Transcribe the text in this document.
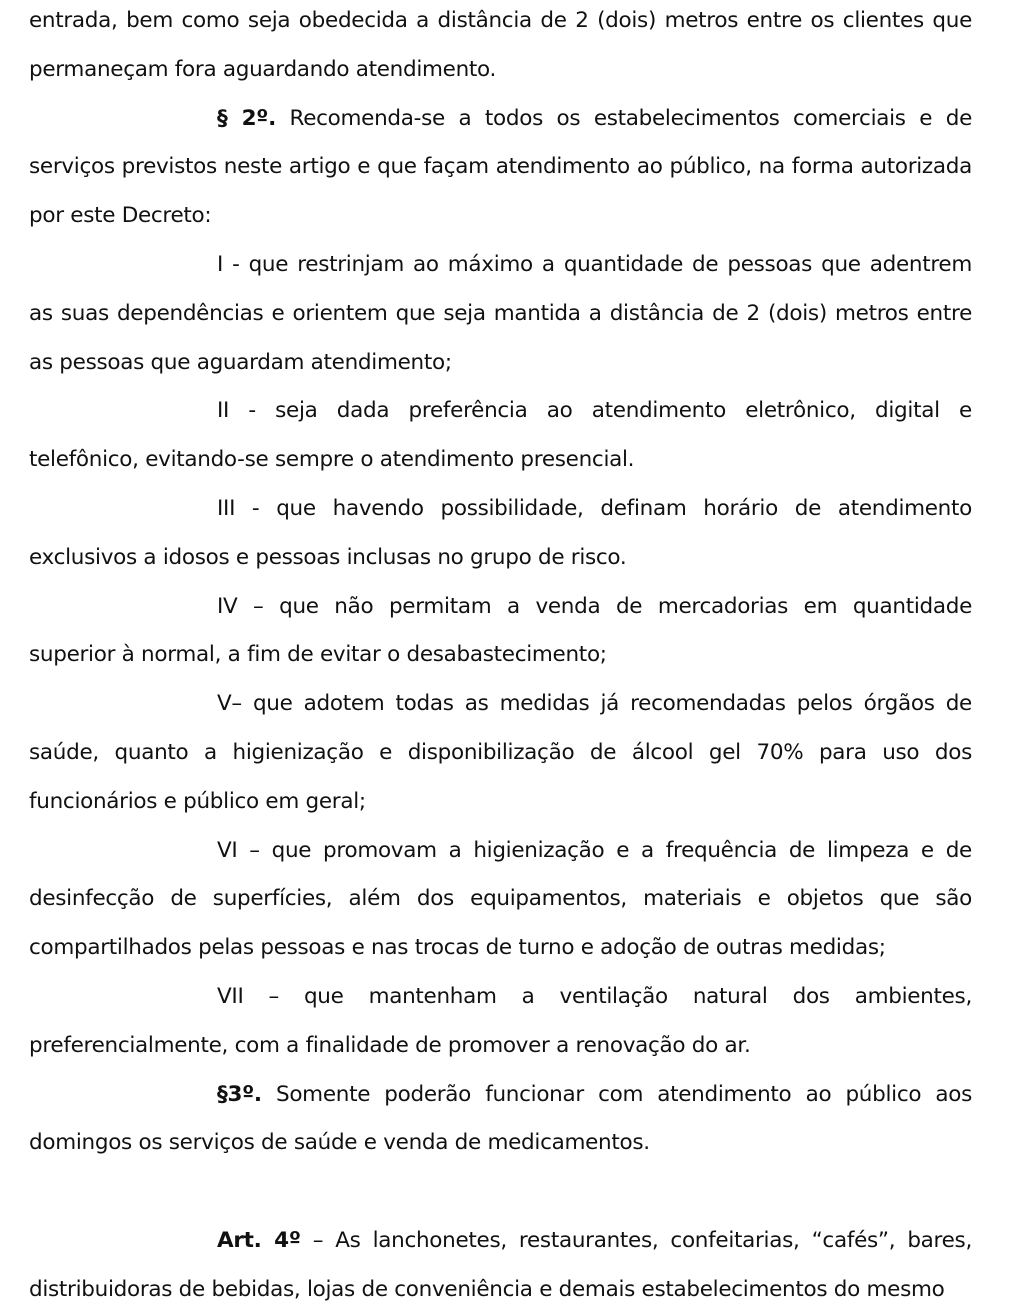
entrada, bem como seja obedecida a distância de 2 (dois) metros entre os clientes que permaneçam fora aguardando atendimento.

§ 2º. Recomenda-se a todos os estabelecimentos comerciais e de serviços previstos neste artigo e que façam atendimento ao público, na forma autorizada por este Decreto:

I - que restrinjam ao máximo a quantidade de pessoas que adentrem as suas dependências e orientem que seja mantida a distância de 2 (dois) metros entre as pessoas que aguardam atendimento;

II - seja dada preferência ao atendimento eletrônico, digital e telefônico, evitando-se sempre o atendimento presencial.

III - que havendo possibilidade, definam horário de atendimento exclusivos a idosos e pessoas inclusas no grupo de risco.

IV – que não permitam a venda de mercadorias em quantidade superior à normal, a fim de evitar o desabastecimento;

V– que adotem todas as medidas já recomendadas pelos órgãos de saúde, quanto a higienização e disponibilização de álcool gel 70% para uso dos funcionários e público em geral;

VI – que promovam a higienização e a frequência de limpeza e de desinfecção de superfícies, além dos equipamentos, materiais e objetos que são compartilhados pelas pessoas e nas trocas de turno e adoção de outras medidas;

VII – que mantenham a ventilação natural dos ambientes, preferencialmente, com a finalidade de promover a renovação do ar.

§3º. Somente poderão funcionar com atendimento ao público aos domingos os serviços de saúde e venda de medicamentos.

Art. 4º – As lanchonetes, restaurantes, confeitarias, “cafés”, bares, distribuidoras de bebidas, lojas de conveniência e demais estabelecimentos do mesmo
